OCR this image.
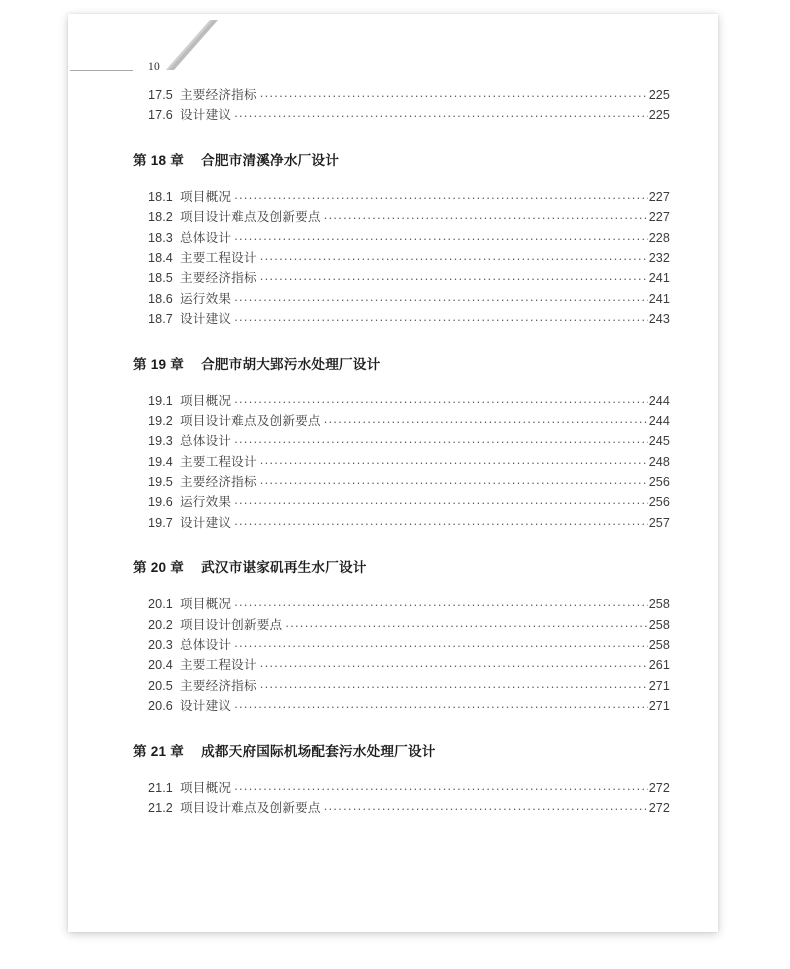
10
17.5 主要经济指标 .....	225
17.6 设计建议 .....	225
第 18 章 合肥市清溪净水厂设计
18.1 项目概况 .....	227
18.2 项目设计难点及创新要点 .....	227
18.3 总体设计 .....	228
18.4 主要工程设计 .....	232
18.5 主要经济指标 .....	241
18.6 运行效果 .....	241
18.7 设计建议 .....	243
第 19 章 合肥市胡大郢污水处理厂设计
19.1 项目概况 .....	244
19.2 项目设计难点及创新要点 .....	244
19.3 总体设计 .....	245
19.4 主要工程设计 .....	248
19.5 主要经济指标 .....	256
19.6 运行效果 .....	256
19.7 设计建议 .....	257
第 20 章 武汉市谌家矶再生水厂设计
20.1 项目概况 .....	258
20.2 项目设计创新要点 .....	258
20.3 总体设计 .....	258
20.4 主要工程设计 .....	261
20.5 主要经济指标 .....	271
20.6 设计建议 .....	271
第 21 章 成都天府国际机场配套污水处理厂设计
21.1 项目概况 .....	272
21.2 项目设计难点及创新要点 .....	272
